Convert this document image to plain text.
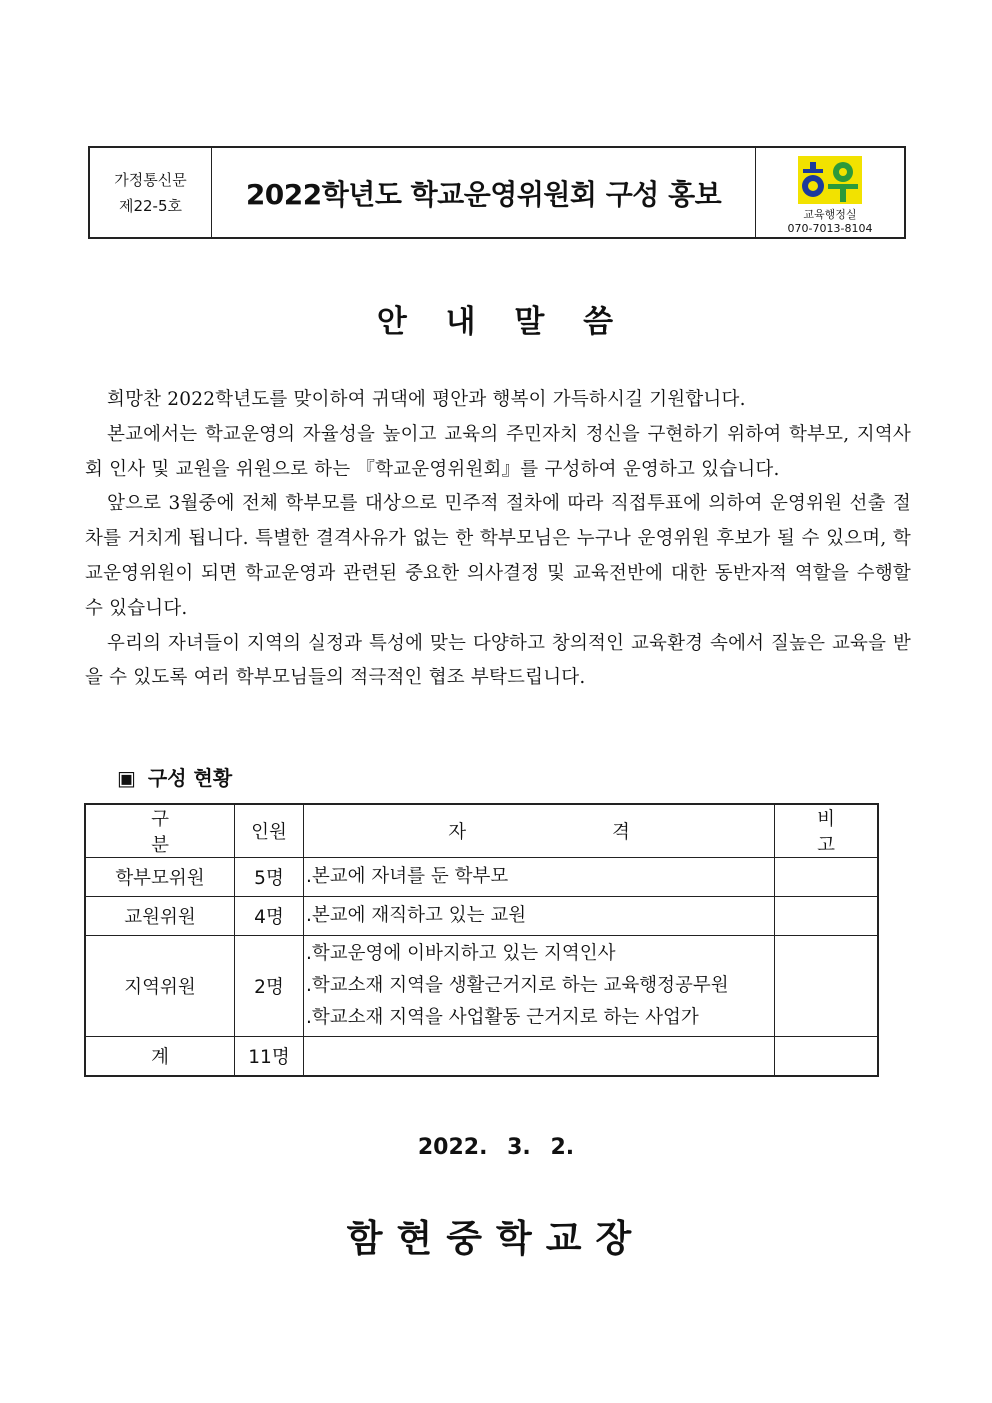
가정통신문
제22-5호	2022학년도 학교운영위원회 구성 홍보
교육행정실
070-7013-8104
안 내 말 씀

희망찬 2022학년도를 맞이하여 귀댁에 평안과 행복이 가득하시길 기원합니다.

본교에서는 학교운영의 자율성을 높이고 교육의 주민자치 정신을 구현하기 위하여 학부모, 지역사회 인사 및 교원을 위원으로 하는 『학교운영위원회』를 구성하여 운영하고 있습니다.

앞으로 3월중에 전체 학부모를 대상으로 민주적 절차에 따라 직접투표에 의하여 운영위원 선출 절차를 거치게 됩니다. 특별한 결격사유가 없는 한 학부모님은 누구나 운영위원 후보가 될 수 있으며, 학교운영위원이 되면 학교운영과 관련된 중요한 의사결정 및 교육전반에 대한 동반자적 역할을 수행할 수 있습니다.

우리의 자녀들이 지역의 실정과 특성에 맞는 다양하고 창의적인 교육환경 속에서 질높은 교육을 받을 수 있도록 여러 학부모님들의 적극적인 협조 부탁드립니다.

▣ 구성 현황
구 분	인원	자 격	비 고
학부모위원	5명	.본교에 자녀를 둔 학부모	

교원위원	4명	.본교에 재직하고 있는 교원	

지역위원	2명	.학교운영에 이바지하고 있는 지역인사
.학교소재 지역을 생활근거지로 하는 교육행정공무원
.학교소재 지역을 사업활동 근거지로 하는 사업가	

계	11명		
2022. 3. 2.
함현중학교장
